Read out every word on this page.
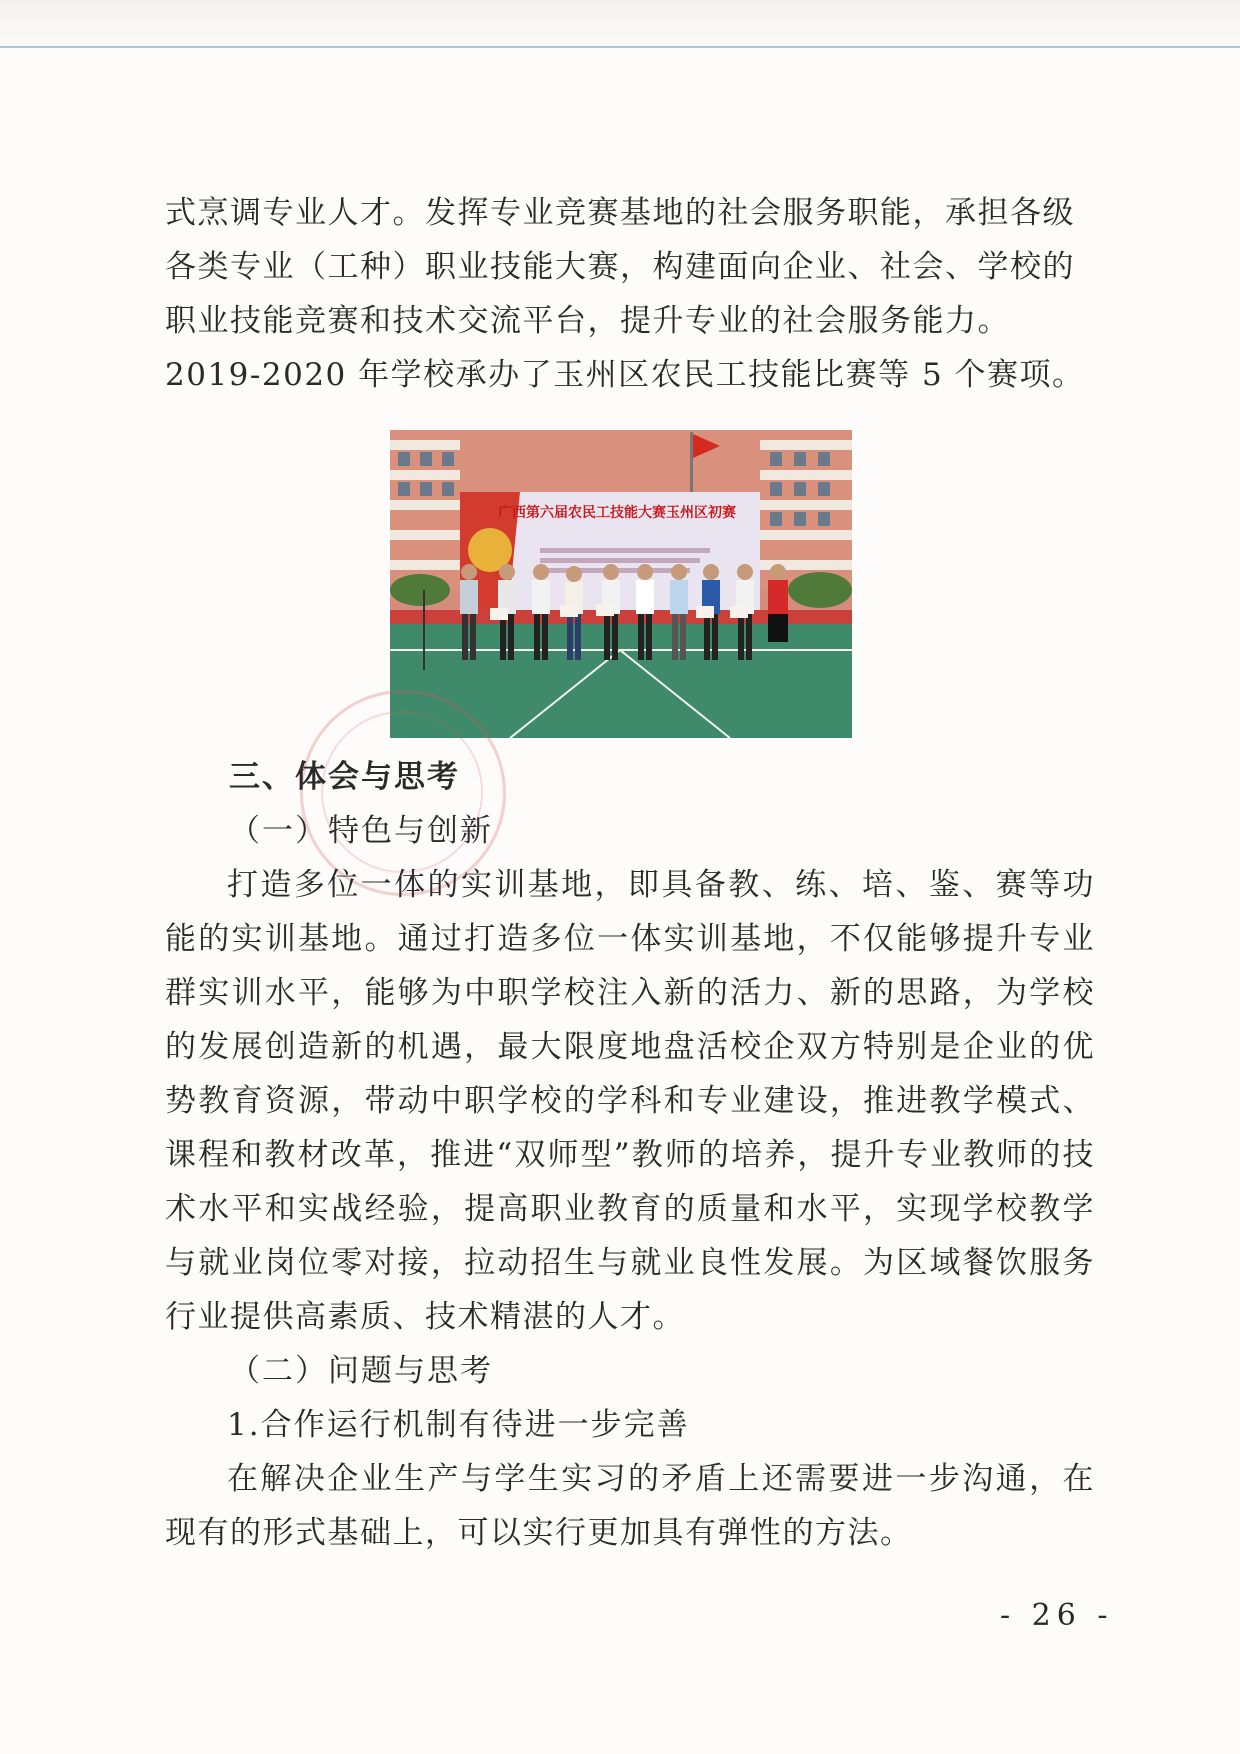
式烹调专业人才。发挥专业竞赛基地的社会服务职能，承担各级

各类专业（工种）职业技能大赛，构建面向企业、社会、学校的

职业技能竞赛和技术交流平台，提升专业的社会服务能力。

2019-2020 年学校承办了玉州区农民工技能比赛等 5 个赛项。

广西第六届农民工技能大赛玉州区初赛

三、体会与思考

（一）特色与创新

打造多位一体的实训基地，即具备教、练、培、鉴、赛等功能的实训基地。通过打造多位一体实训基地，不仅能够提升专业群实训水平，能够为中职学校注入新的活力、新的思路，为学校的发展创造新的机遇，最大限度地盘活校企双方特别是企业的优势教育资源，带动中职学校的学科和专业建设，推进教学模式、课程和教材改革，推进“双师型”教师的培养，提升专业教师的技术水平和实战经验，提高职业教育的质量和水平，实现学校教学与就业岗位零对接，拉动招生与就业良性发展。为区域餐饮服务行业提供高素质、技术精湛的人才。

（二）问题与思考

1.合作运行机制有待进一步完善

在解决企业生产与学生实习的矛盾上还需要进一步沟通，在现有的形式基础上，可以实行更加具有弹性的方法。

- 26 -
